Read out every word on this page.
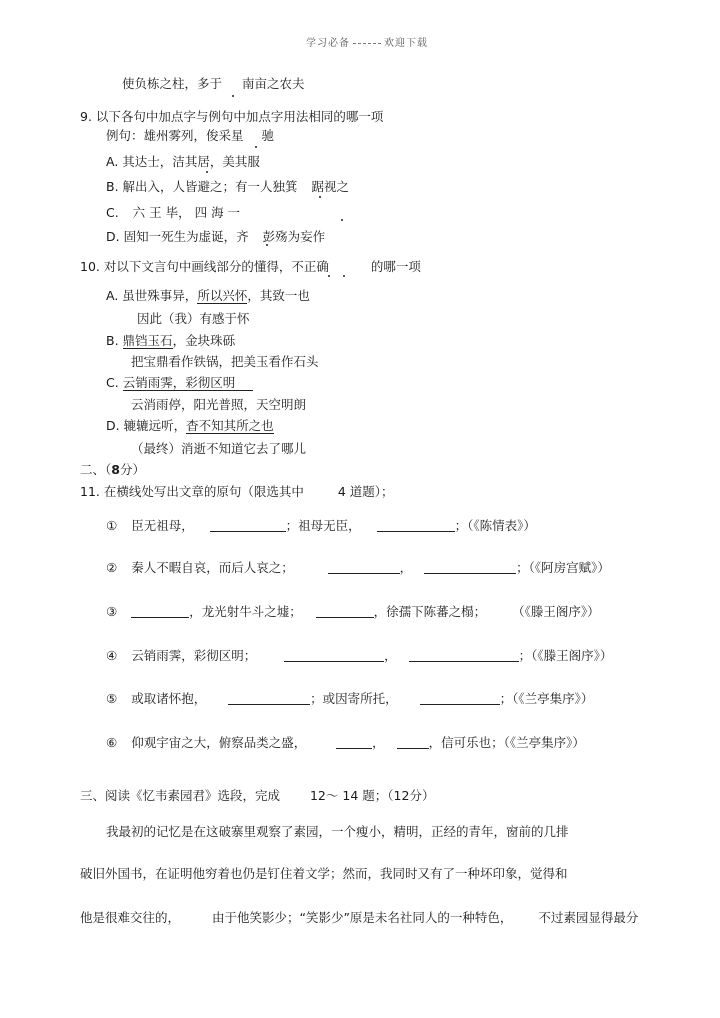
学习必备	欢迎下载
使负栋之柱，多于 南亩之农夫
9. 以下各句中加点字与例句中加点字用法相同的哪一项
例句：雄州雾列，俊采星 驰
A. 其达士，洁其居，美其服
B. 解出入，人皆避之；有一人独箕 踞视之
C. 六 王 毕， 四 海 一
D. 固知一死生为虚诞，齐 彭殇为妄作
10. 对以下文言句中画线部分的懂得，不正确	的哪一项
A. 虽世殊事异，所以兴怀，其致一也
因此（我）有感于怀
B. 鼎铛玉石，金块珠砾
把宝鼎看作铁锅，把美玉看作石头
C. 云销雨霁，彩彻区明
云消雨停，阳光普照，天空明朗
D. 辘辘远听，杳不知其所之也
（最终）消逝不知道它去了哪儿
二、（8分）
11. 在横线处写出文章的原句（限选其中	4 道题）；
① 臣无祖母，	；祖母无臣，	；（《陈情表》）
② 秦人不暇自哀，而后人哀之；	，	；（《阿房宫赋》）
③	，龙光射牛斗之墟；	，徐孺下陈蕃之榻； （《滕王阁序》）
④ 云销雨霁，彩彻区明；	，	；（《滕王阁序》）
⑤ 或取诸怀抱，	；或因寄所托，	；（《兰亭集序》）
⑥ 仰观宇宙之大，俯察品类之盛，	，	，信可乐也；（《兰亭集序》）
三、阅读《忆韦素园君》选段，完成 12～ 14 题；（12分）
我最初的记忆是在这破寨里观察了素园，一个瘦小，精明，正经的青年，窗前的几排
破旧外国书，在证明他穷着也仍是钉住着文学；然而，我同时又有了一种坏印象，觉得和
他是很难交往的，	由于他笑影少；“笑影少”原是未名社同人的一种特色， 不过素园显得最分
